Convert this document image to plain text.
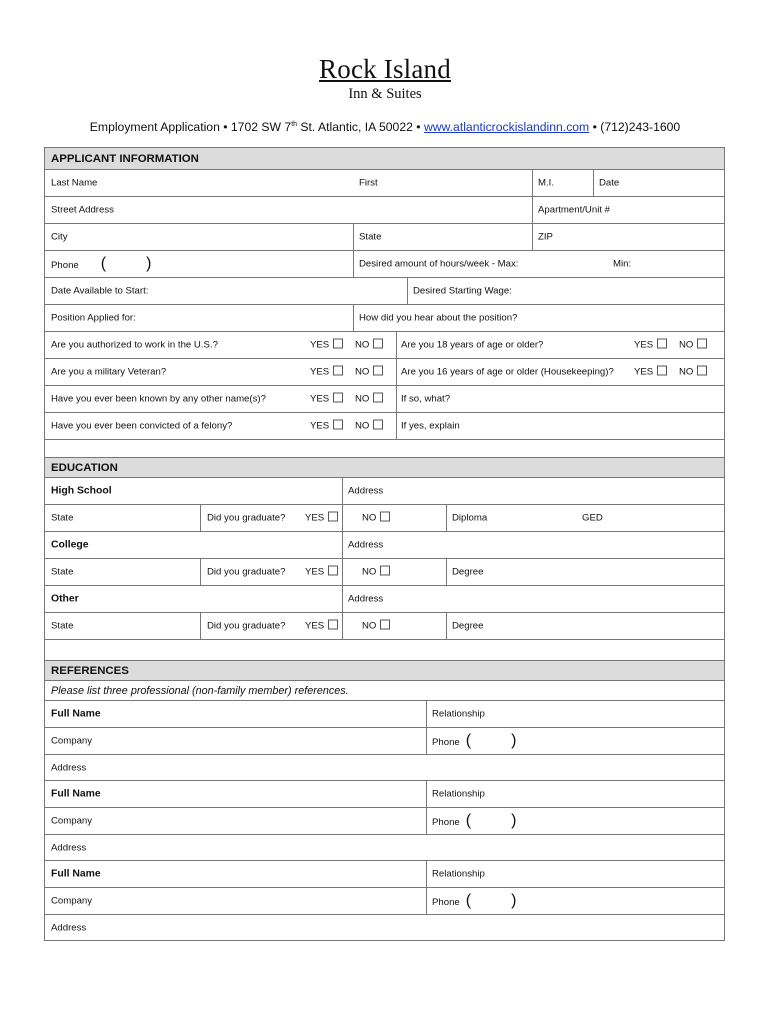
Rock Island
Inn & Suites
Employment Application • 1702 SW 7th St. Atlantic, IA 50022 • www.atlanticrockislandinn.com • (712)243-1600
APPLICANT INFORMATION
Last Name	First	M.I.	Date
Street Address	Apartment/Unit #
City	State	ZIP
Phone (	)	Desired amount of hours/week - Max:	Min:
Date Available to Start:	Desired Starting Wage:
Position Applied for:	How did you hear about the position?
Are you authorized to work in the U.S.?	YES	NO	Are you 18 years of age or older?	YES	NO
Are you a military Veteran?	YES	NO	Are you 16 years of age or older (Housekeeping)? YES	NO
Have you ever been known by any other name(s)?	YES	NO	If so, what?
Have you ever been convicted of a felony?	YES	NO	If yes, explain
EDUCATION
High School	Address
State	Did you graduate? YES	NO	Diploma	GED
College	Address
State	Did you graduate? YES	NO	Degree
Other	Address
State	Did you graduate? YES	NO	Degree
REFERENCES
Please list three professional (non-family member) references.
Full Name	Relationship
Company	Phone (	)
Address
Full Name	Relationship
Company	Phone (	)
Address
Full Name	Relationship
Company	Phone (	)
Address
